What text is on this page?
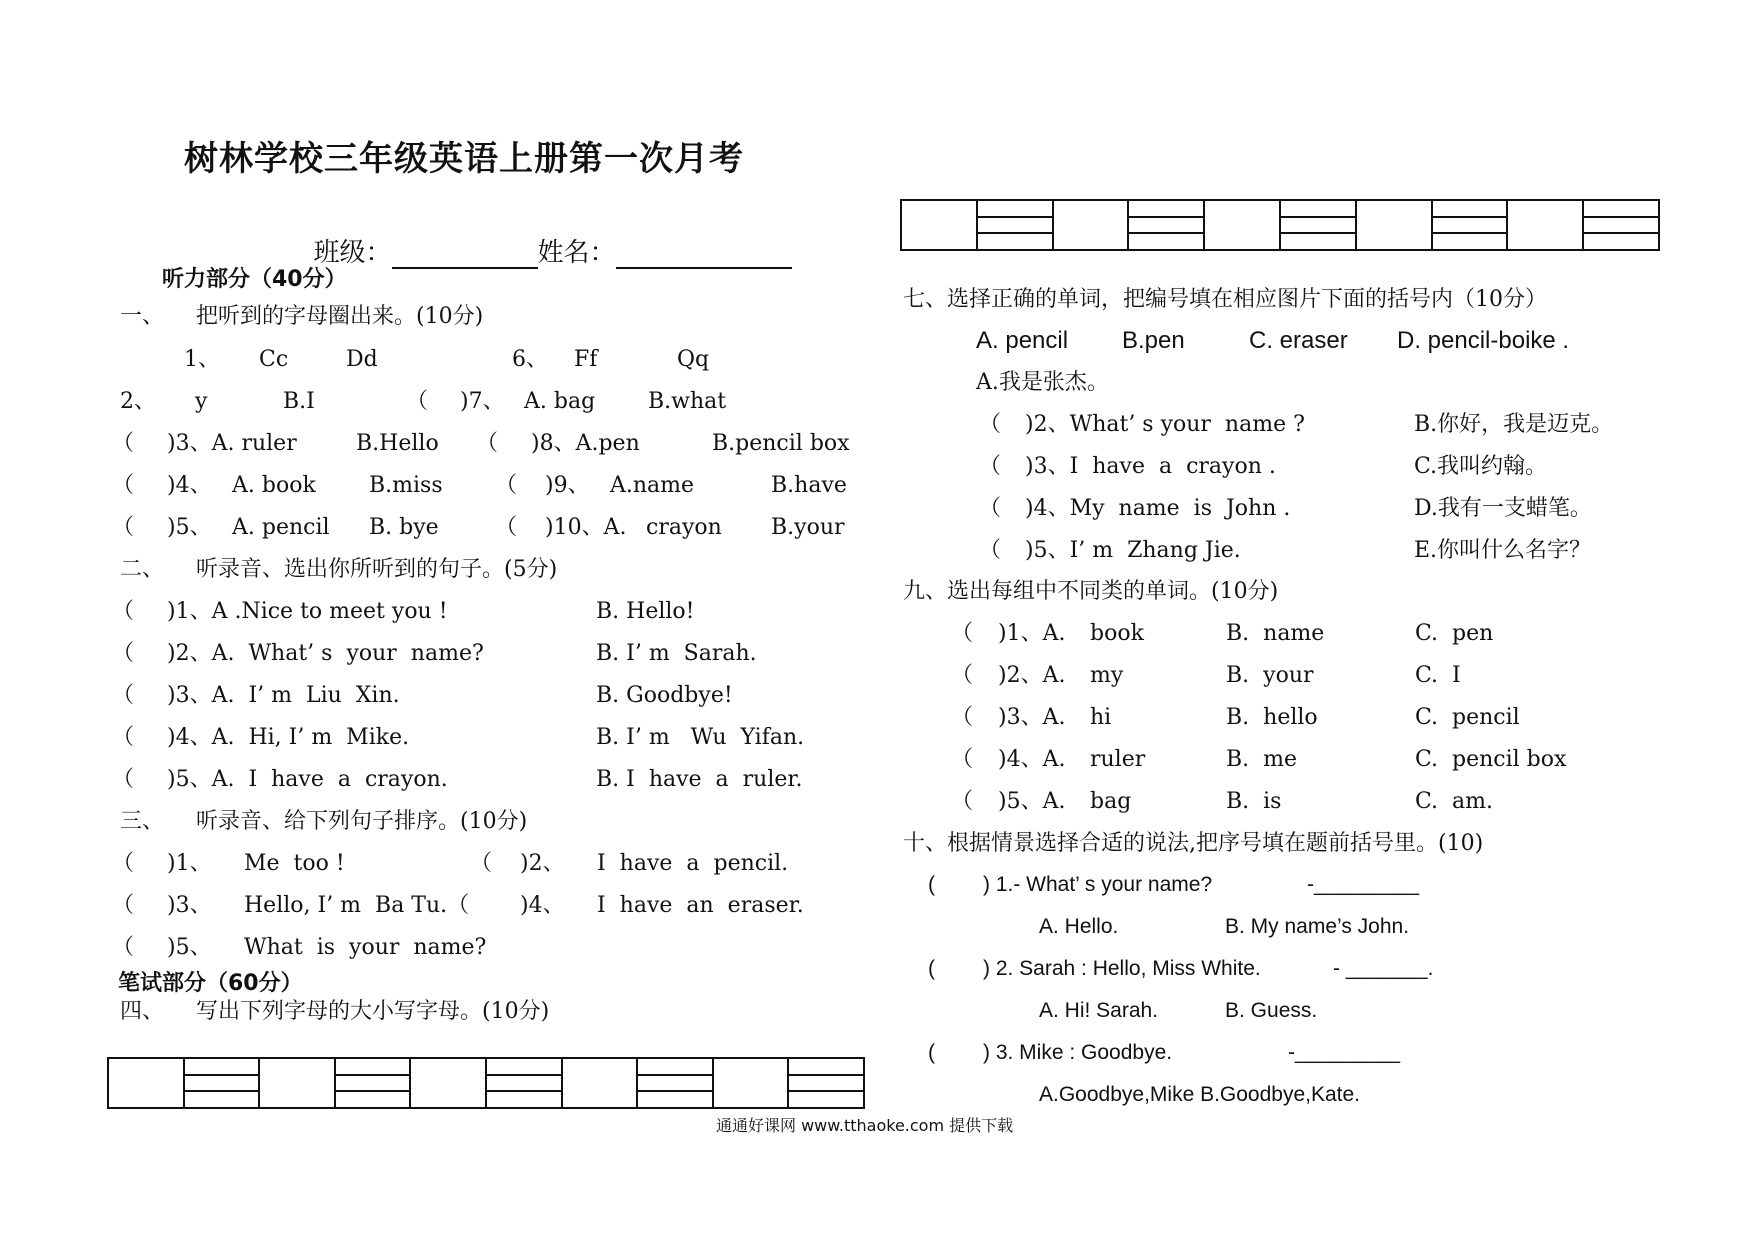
树林学校三年级英语上册第一次月考

班级：	姓名：

听力部分（40分）
一、 把听到的字母圈出来。(10分)
1、 Cc	Dd	6、 Ff	Qq
2、 y	B.I	（ )7、 A. bag B.what
（ )3、A. ruler	B.Hello （ )8、A.pen	B.pencil box
（ )4、 A. book B.miss （ )9、 A.name	B.have
（ )5、 A. pencil B. bye	（ )10、A. crayon B.your
二、 听录音、选出你所听到的句子。(5分)
（ )1、A .Nice to meet you !	B. Hello!
（ )2、A.  What’ s  your  name?	B. I’ m  Sarah.
（ )3、A.  I’ m  Liu  Xin.	B. Goodbye!
（ )4、A.  Hi, I’ m  Mike.	B. I’ m   Wu  Yifan.
（ )5、A.  I  have  a  crayon.	B. I  have  a  ruler.
三、 听录音、给下列句子排序。(10分)
（ )1、 Me  too !	（ )2、 I  have  a  pencil.
（ )3、 Hello, I’ m  Ba Tu.（ )4、 I  have  an  eraser.
（ )5、 What  is  your  name?
笔试部分（60分）
四、 写出下列字母的大小写字母。(10分)
七、选择正确的单词，把编号填在相应图片下面的括号内（10分）
A. pencil B.pen	C. eraser D. pencil-boike .
A.我是张杰。
（ )2、What’ s your  name ?	B.你好，我是迈克。
（ )3、I  have  a  crayon .	C.我叫约翰。
（ )4、My  name  is  John .	D.我有一支蜡笔。
（ )5、I’ m  Zhang Jie.	E.你叫什么名字？
九、选出每组中不同类的单词。(10分)
（ )1、A. book	B.  name	C.  pen
（ )2、A. my	B.  your	C.  I
（ )3、A. hi	B.  hello	C.  pencil
（ )4、A. ruler	B.  me	C.  pencil box
（ )5、A. bag	B.  is	C.  am.
十、根据情景选择合适的说法,把序号填在题前括号里。(10)
( ) 1.- What’ s your name?	-_________
A. Hello.	B. My name’s John.
( ) 2. Sarah : Hello, Miss White.	- _______.
A. Hi! Sarah.	B. Guess.
( ) 3. Mike : Goodbye.	-_________
A.Goodbye,Mike B.Goodbye,Kate.
通通好课网 www.tthaoke.com 提供下载
